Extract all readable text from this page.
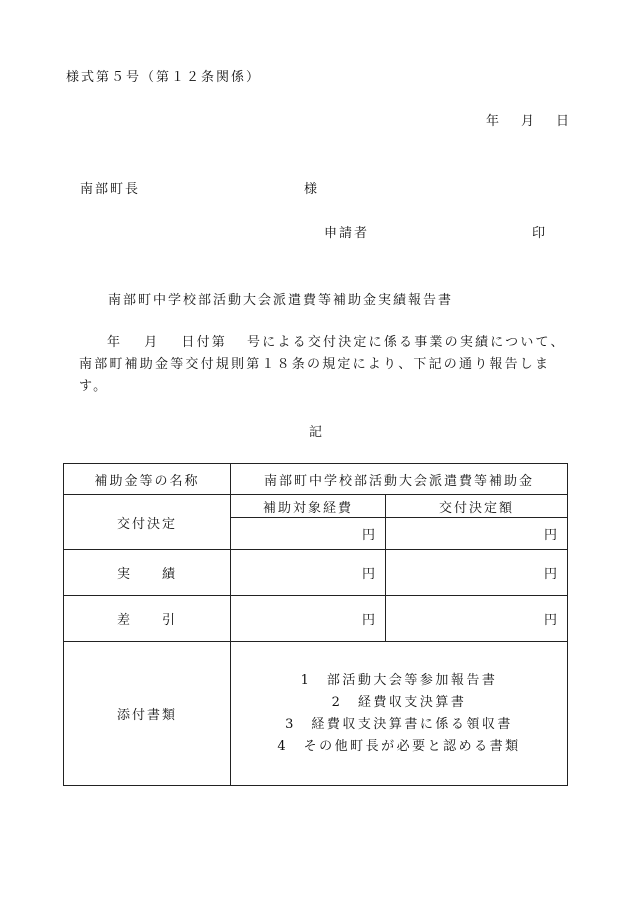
様式第５号（第１２条関係）
年 月 日
南部町長	様
申請者	印
南部町中学校部活動大会派遣費等補助金実績報告書
年 月 日付第 号による交付決定に係る事業の実績について、南部町補助金等交付規則第１８条の規定により、下記の通り報告します。
記
補助金等の名称	南部町中学校部活動大会派遣費等補助金	
交付決定	補助対象経費	交付決定額
	円	円
実　　績	円	円
差　　引	円	円
添付書類	1　部活動大会等参加報告書
2　経費収支決算書
3　経費収支決算書に係る領収書
4　その他町長が必要と認める書類	
